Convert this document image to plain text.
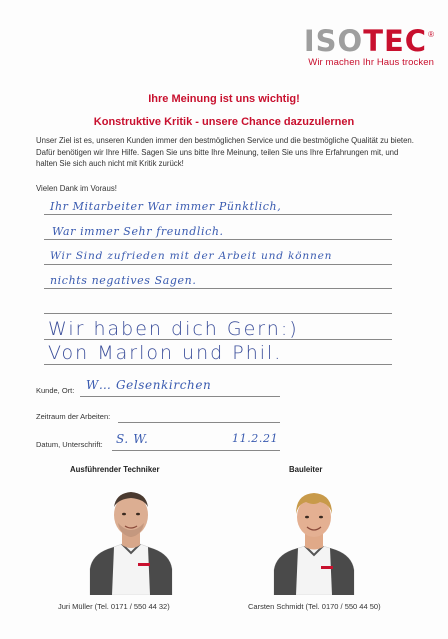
ISO TEC ®
Wir machen Ihr Haus trocken
Ihre Meinung ist uns wichtig!
Konstruktive Kritik - unsere Chance dazuzulernen
Unser Ziel ist es, unseren Kunden immer den bestmöglichen Service und die bestmögliche Qualität zu bieten. Dafür benötigen wir Ihre Hilfe. Sagen Sie uns bitte Ihre Meinung, teilen Sie uns Ihre Erfahrungen mit, und halten Sie sich auch nicht mit Kritik zurück!
Vielen Dank im Voraus!
Ihr Mitarbeiter War immer Pünktlich,
War immer Sehr freundlich.
Wir Sind zufrieden mit der Arbeit und können
nichts negatives Sagen.
Wir haben dich Gern:)
Von Marlon und Phil.
Kunde, Ort: W… Gelsenkirchen
Zeitraum der Arbeiten:
Datum, Unterschrift: S. W.	11.2.21
Ausführender Techniker	Bauleiter
Juri Müller (Tel. 0171 / 550 44 32)	Carsten Schmidt (Tel. 0170 / 550 44 50)
